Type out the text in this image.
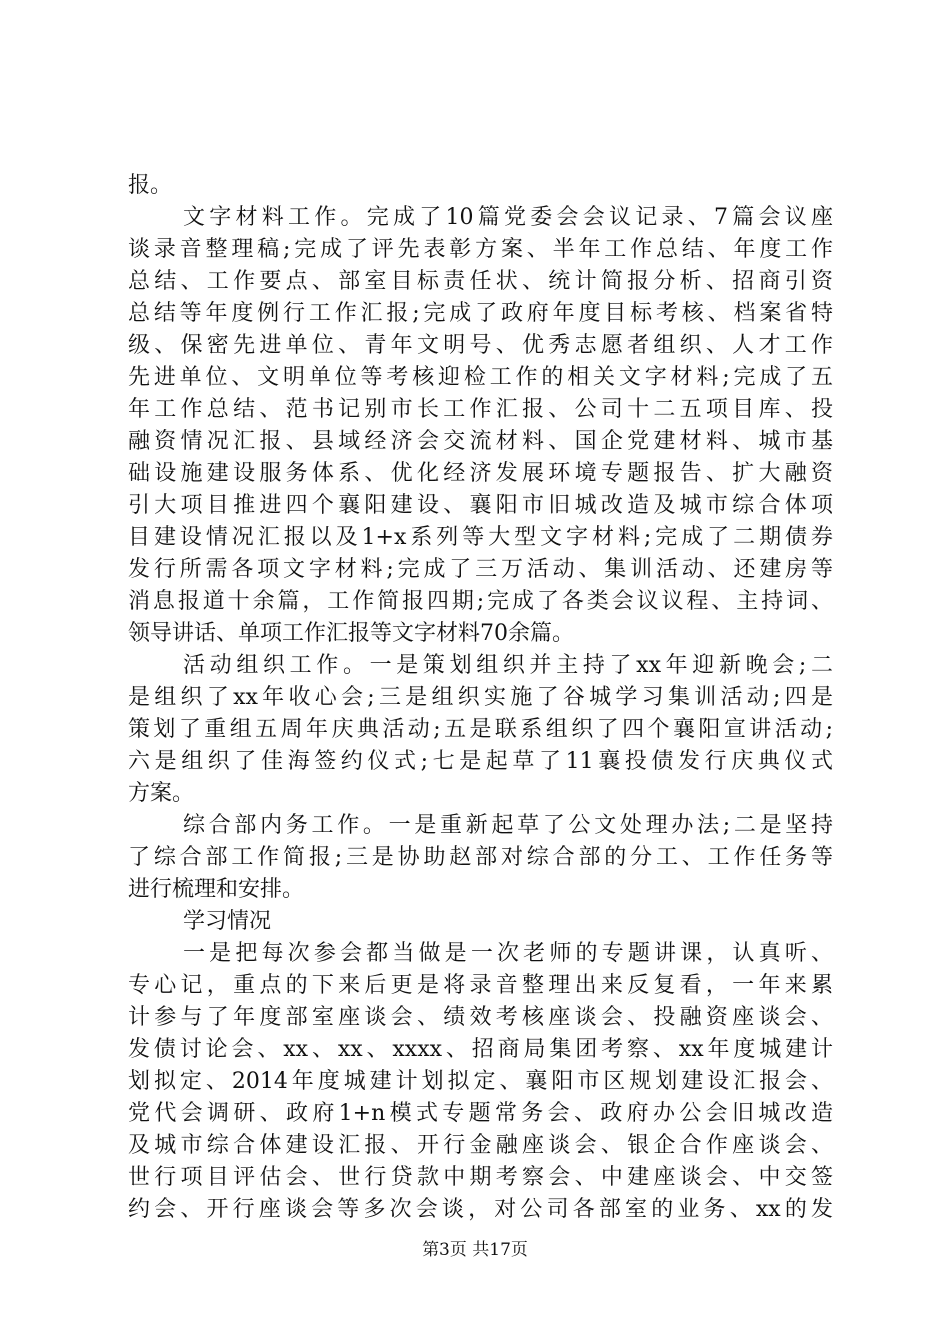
报。
文字材料工作。完成了10篇党委会会议记录、7篇会议座
谈录音整理稿;完成了评先表彰方案、半年工作总结、年度工作
总结、工作要点、部室目标责任状、统计简报分析、招商引资
总结等年度例行工作汇报;完成了政府年度目标考核、档案省特
级、保密先进单位、青年文明号、优秀志愿者组织、人才工作
先进单位、文明单位等考核迎检工作的相关文字材料;完成了五
年工作总结、范书记别市长工作汇报、公司十二五项目库、投
融资情况汇报、县域经济会交流材料、国企党建材料、城市基
础设施建设服务体系、优化经济发展环境专题报告、扩大融资
引大项目推进四个襄阳建设、襄阳市旧城改造及城市综合体项
目建设情况汇报以及1+x系列等大型文字材料;完成了二期债券
发行所需各项文字材料;完成了三万活动、集训活动、还建房等
消息报道十余篇，工作简报四期;完成了各类会议议程、主持词、
领导讲话、单项工作汇报等文字材料70余篇。
活动组织工作。一是策划组织并主持了xx年迎新晚会;二
是组织了xx年收心会;三是组织实施了谷城学习集训活动;四是
策划了重组五周年庆典活动;五是联系组织了四个襄阳宣讲活动;
六是组织了佳海签约仪式;七是起草了11襄投债发行庆典仪式
方案。
综合部内务工作。一是重新起草了公文处理办法;二是坚持
了综合部工作简报;三是协助赵部对综合部的分工、工作任务等
进行梳理和安排。
学习情况
一是把每次参会都当做是一次老师的专题讲课，认真听、
专心记，重点的下来后更是将录音整理出来反复看，一年来累
计参与了年度部室座谈会、绩效考核座谈会、投融资座谈会、
发债讨论会、xx、xx、xxxx、招商局集团考察、xx年度城建计
划拟定、2014年度城建计划拟定、襄阳市区规划建设汇报会、
党代会调研、政府1+n模式专题常务会、政府办公会旧城改造
及城市综合体建设汇报、开行金融座谈会、银企合作座谈会、
世行项目评估会、世行贷款中期考察会、中建座谈会、中交签
约会、开行座谈会等多次会谈，对公司各部室的业务、xx的发
第3页 共17页
